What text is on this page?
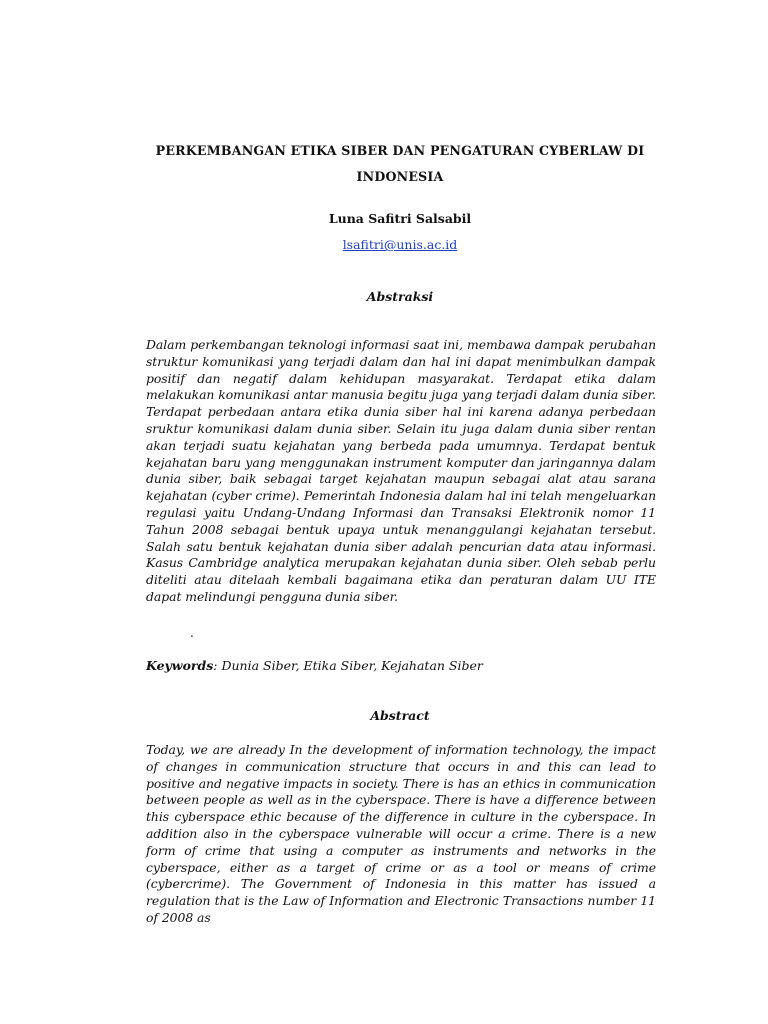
PERKEMBANGAN ETIKA SIBER DAN PENGATURAN CYBERLAW DI INDONESIA
Luna Safitri Salsabil
lsafitri@unis.ac.id
Abstraksi
Dalam perkembangan teknologi informasi saat ini, membawa dampak perubahan struktur komunikasi yang terjadi dalam dan hal ini dapat menimbulkan dampak positif dan negatif dalam kehidupan masyarakat. Terdapat etika dalam melakukan komunikasi antar manusia begitu juga yang terjadi dalam dunia siber. Terdapat perbedaan antara etika dunia siber hal ini karena adanya perbedaan sruktur komunikasi dalam dunia siber. Selain itu juga dalam dunia siber rentan akan terjadi suatu kejahatan yang berbeda pada umumnya. Terdapat bentuk kejahatan baru yang menggunakan instrument komputer dan jaringannya dalam dunia siber, baik sebagai target kejahatan maupun sebagai alat atau sarana kejahatan (cyber crime). Pemerintah Indonesia dalam hal ini telah mengeluarkan regulasi yaitu Undang-Undang Informasi dan Transaksi Elektronik nomor 11 Tahun 2008 sebagai bentuk upaya untuk menanggulangi kejahatan tersebut. Salah satu bentuk kejahatan dunia siber adalah pencurian data atau informasi. Kasus Cambridge analytica merupakan kejahatan dunia siber. Oleh sebab perlu diteliti atau ditelaah kembali bagaimana etika dan peraturan dalam UU ITE dapat melindungi pengguna dunia siber.
.
Keywords: Dunia Siber, Etika Siber, Kejahatan Siber
Abstract
Today, we are already In the development of information technology, the impact of changes in communication structure that occurs in and this can lead to positive and negative impacts in society. There is has an ethics in communication between people as well as in the cyberspace. There is have a difference between this cyberspace ethic because of the difference in culture in the cyberspace. In addition also in the cyberspace vulnerable will occur a crime. There is a new form of crime that using a computer as instruments and networks in the cyberspace, either as a target of crime or as a tool or means of crime (cybercrime). The Government of Indonesia in this matter has issued a regulation that is the Law of Information and Electronic Transactions number 11 of 2008 as
